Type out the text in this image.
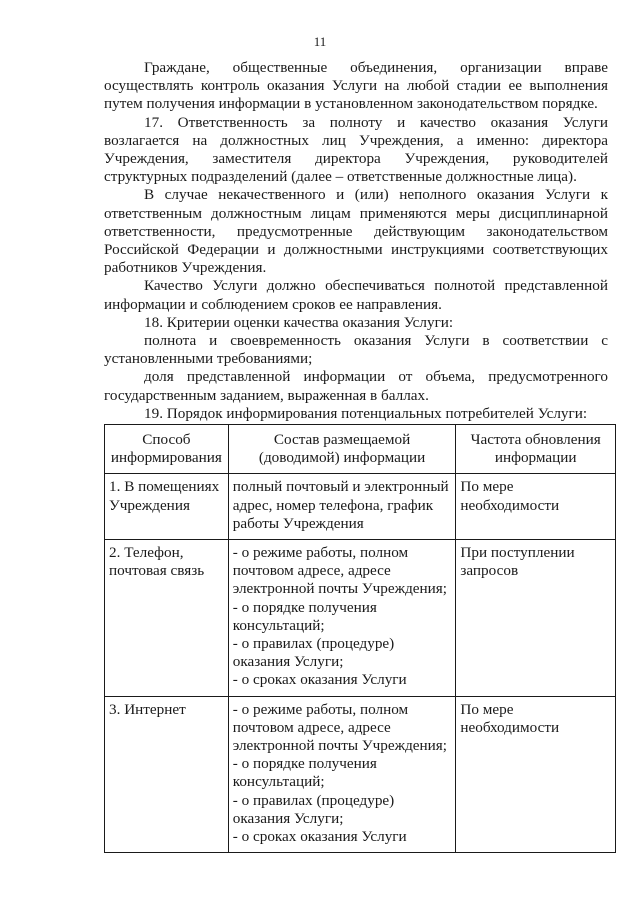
11

Граждане, общественные объединения, организации вправе осуществлять контроль оказания Услуги на любой стадии ее выполнения путем получения информации в установленном законодательством порядке.

17. Ответственность за полноту и качество оказания Услуги возлагается на должностных лиц Учреждения, а именно: директора Учреждения, заместителя директора Учреждения, руководителей структурных подразделений (далее – ответственные должностные лица).

В случае некачественного и (или) неполного оказания Услуги к ответственным должностным лицам применяются меры дисциплинарной ответственности, предусмотренные действующим законодательством Российской Федерации и должностными инструкциями соответствующих работников Учреждения.

Качество Услуги должно обеспечиваться полнотой представленной информации и соблюдением сроков ее направления.

18. Критерии оценки качества оказания Услуги:

полнота и своевременность оказания Услуги в соответствии с установленными требованиями;

доля представленной информации от объема, предусмотренного государственным заданием, выраженная в баллах.

19. Порядок информирования потенциальных потребителей Услуги:

Способ информирования	Состав размещаемой (доводимой) информации	Частота обновления информации
1. В помещениях Учреждения	полный почтовый и электронный адрес, номер телефона, график работы Учреждения	По мере необходимости
2. Телефон, почтовая связь	- о режиме работы, полном почтовом адресе, адресе электронной почты Учреждения;
- о порядке получения консультаций;
- о правилах (процедуре) оказания Услуги;
- о сроках оказания Услуги	При поступлении запросов
3. Интернет	- о режиме работы, полном почтовом адресе, адресе электронной почты Учреждения;
- о порядке получения консультаций;
- о правилах (процедуре) оказания Услуги;
- о сроках оказания Услуги	По мере необходимости
